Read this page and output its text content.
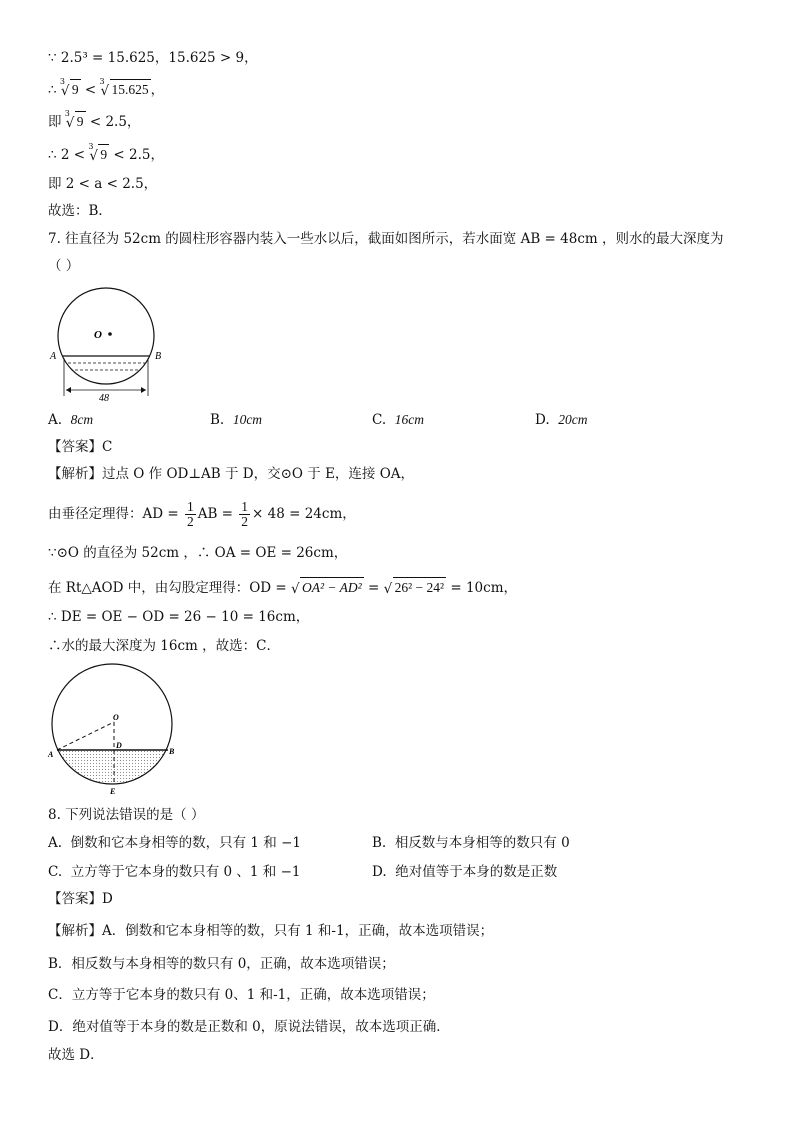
∵ 2.5³ = 15.625，15.625 > 9，
∴
3
√ 9 <
3
√ 15.625 ，
即
3
√ 9 < 2.5，
∴ 2 <
3
√ 9 < 2.5，
即 2 < a < 2.5，
故选：B．
7. 往直径为 52cm 的圆柱形容器内装入一些水以后，截面如图所示，若水面宽 AB = 48cm ，则水的最大深度为
（ ）
O
A	B
48
A. 8cm	B. 10cm	C. 16cm	D. 20cm
【答案】C
【解析】过点 O 作 OD⊥AB 于 D，交⊙O 于 E，连接 OA，
由垂径定理得：AD = $\frac{1}{2}$ AB = $\frac{1}{2} \times 48 = 24cm$，
∵⊙O 的直径为 52cm ，∴ OA = OE = 26cm，
在 Rt△AOD 中，由勾股定理得：OD = √ OA² − AD² = √ 26² − 24² = 10cm，
∴ DE = OE − OD = 26 − 10 = 16cm，
∴水的最大深度为 16cm ，故选：C．
O
D
A	B
E
8. 下列说法错误的是（ ）
A. 倒数和它本身相等的数，只有 1 和 −1	B. 相反数与本身相等的数只有 0
C. 立方等于它本身的数只有 0 、1 和 −1	D. 绝对值等于本身的数是正数
【答案】D
【解析】A．倒数和它本身相等的数，只有 1 和-1，正确，故本选项错误；
B．相反数与本身相等的数只有 0，正确，故本选项错误；
C．立方等于它本身的数只有 0、1 和-1，正确，故本选项错误；
D．绝对值等于本身的数是正数和 0，原说法错误，故本选项正确．
故选 D．
